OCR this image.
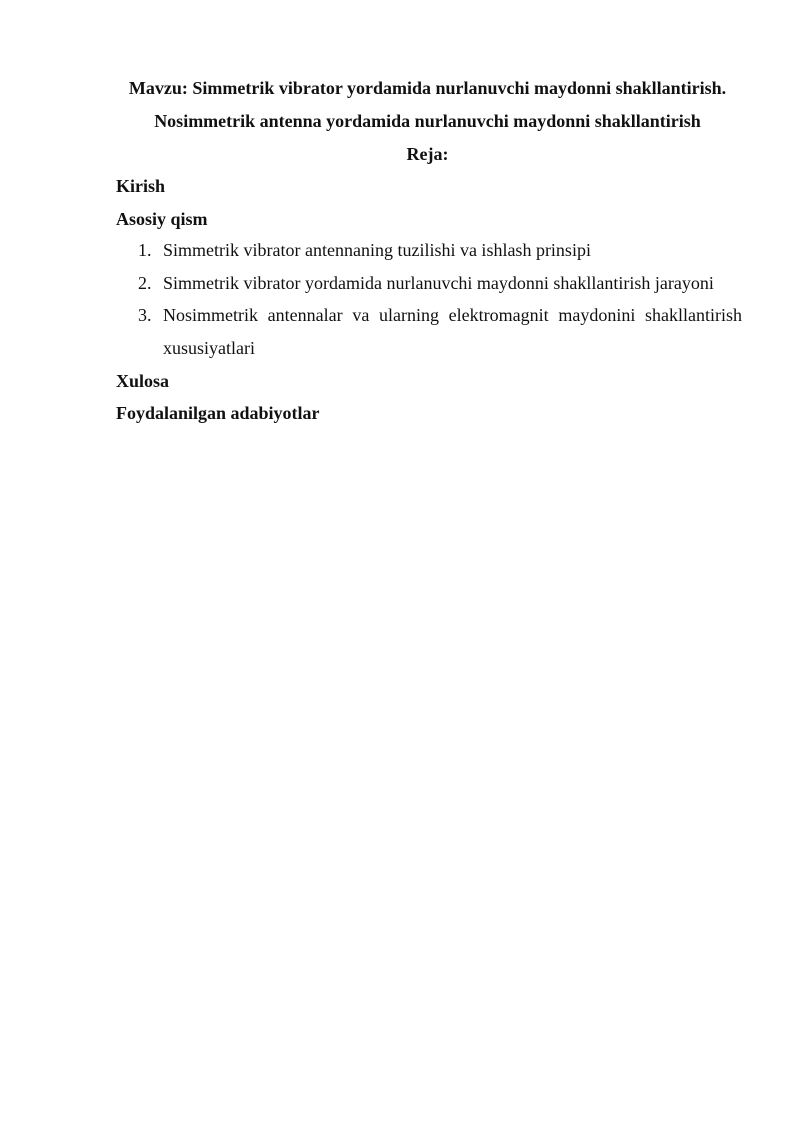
Mavzu: Simmetrik vibrator yordamida nurlanuvchi maydonni shakllantirish.
Nosimmetrik antenna yordamida nurlanuvchi maydonni shakllantirish
Reja:
Kirish
Asosiy qism
1. Simmetrik vibrator antennaning tuzilishi va ishlash prinsipi
2. Simmetrik vibrator yordamida nurlanuvchi maydonni shakllantirish jarayoni
3. Nosimmetrik antennalar va ularning elektromagnit maydonini shakllantirish
xususiyatlari
Xulosa
Foydalanilgan adabiyotlar
